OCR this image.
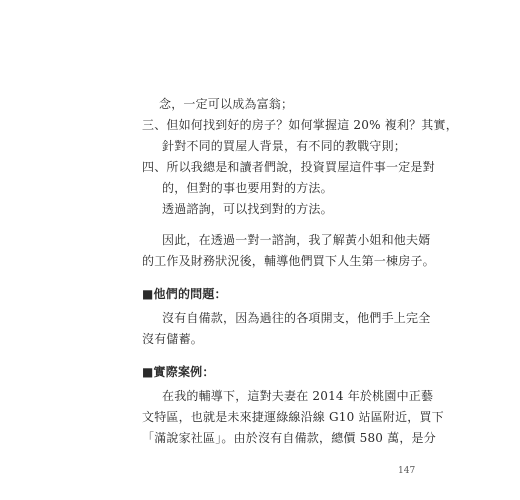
念，一定可以成為富翁；
三、但如何找到好的房子？如何掌握這 20% 複利？其實，
針對不同的買屋人背景，有不同的教戰守則；
四、所以我總是和讀者們說，投資買屋這件事一定是對
的，但對的事也要用對的方法。
透過諮詢，可以找到對的方法。
因此，在透過一對一諮詢，我了解黃小姐和他夫婿
的工作及財務狀況後，輔導他們買下人生第一棟房子。
■他們的問題：
沒有自備款，因為過往的各項開支，他們手上完全
沒有儲蓄。
■實際案例：
在我的輔導下，這對夫妻在 2014 年於桃園中正藝
文特區，也就是未來捷運綠線沿線 G10 站區附近，買下
「滿說家社區」。由於沒有自備款，總價 580 萬，是分
147
